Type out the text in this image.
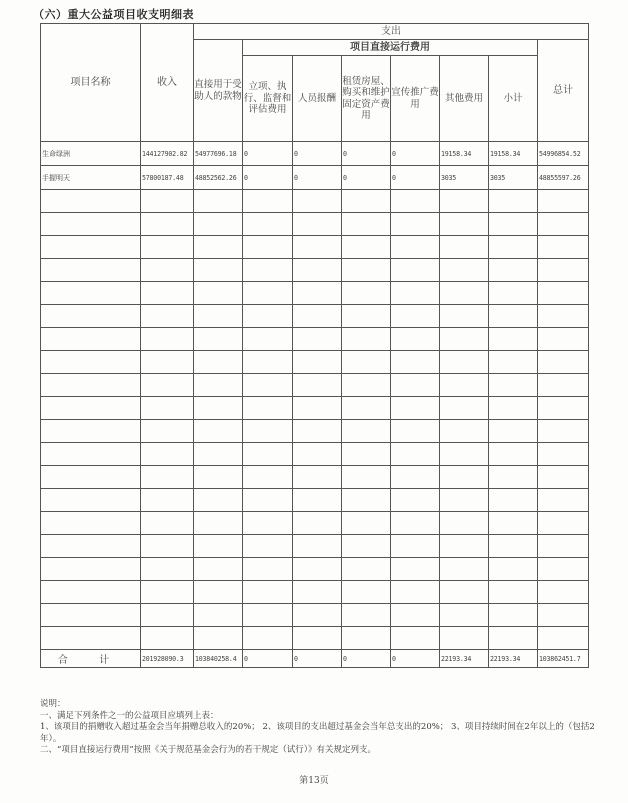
（六）重大公益项目收支明细表
项目名称	收入	支出							
		直接用于受助人的款物	项目直接运行费用						总计
			立项、执行、监督和评估费用	人员报酬	租赁房屋、购买和维护固定资产费用	宣传推广费用	其他费用	小计	
生命绿洲	144127902.82	54977696.18	0	0	0	0	19158.34	19158.34	54996854.52
手握明天	57800187.48	48852562.26	0	0	0	0	3035	3035	48855597.26

合 计	201928090.3	103840258.4	0	0	0	0	22193.34	22193.34	103862451.7
说明：
一、满足下列条件之一的公益项目应填列上表：
1、该项目的捐赠收入超过基金会当年捐赠总收入的20%； 2、该项目的支出超过基金会当年总支出的20%； 3、项目持续时间在2年以上的（包括2年）。
二、“项目直接运行费用”按照《关于规范基金会行为的若干规定（试行）》有关规定列支。
第13页
